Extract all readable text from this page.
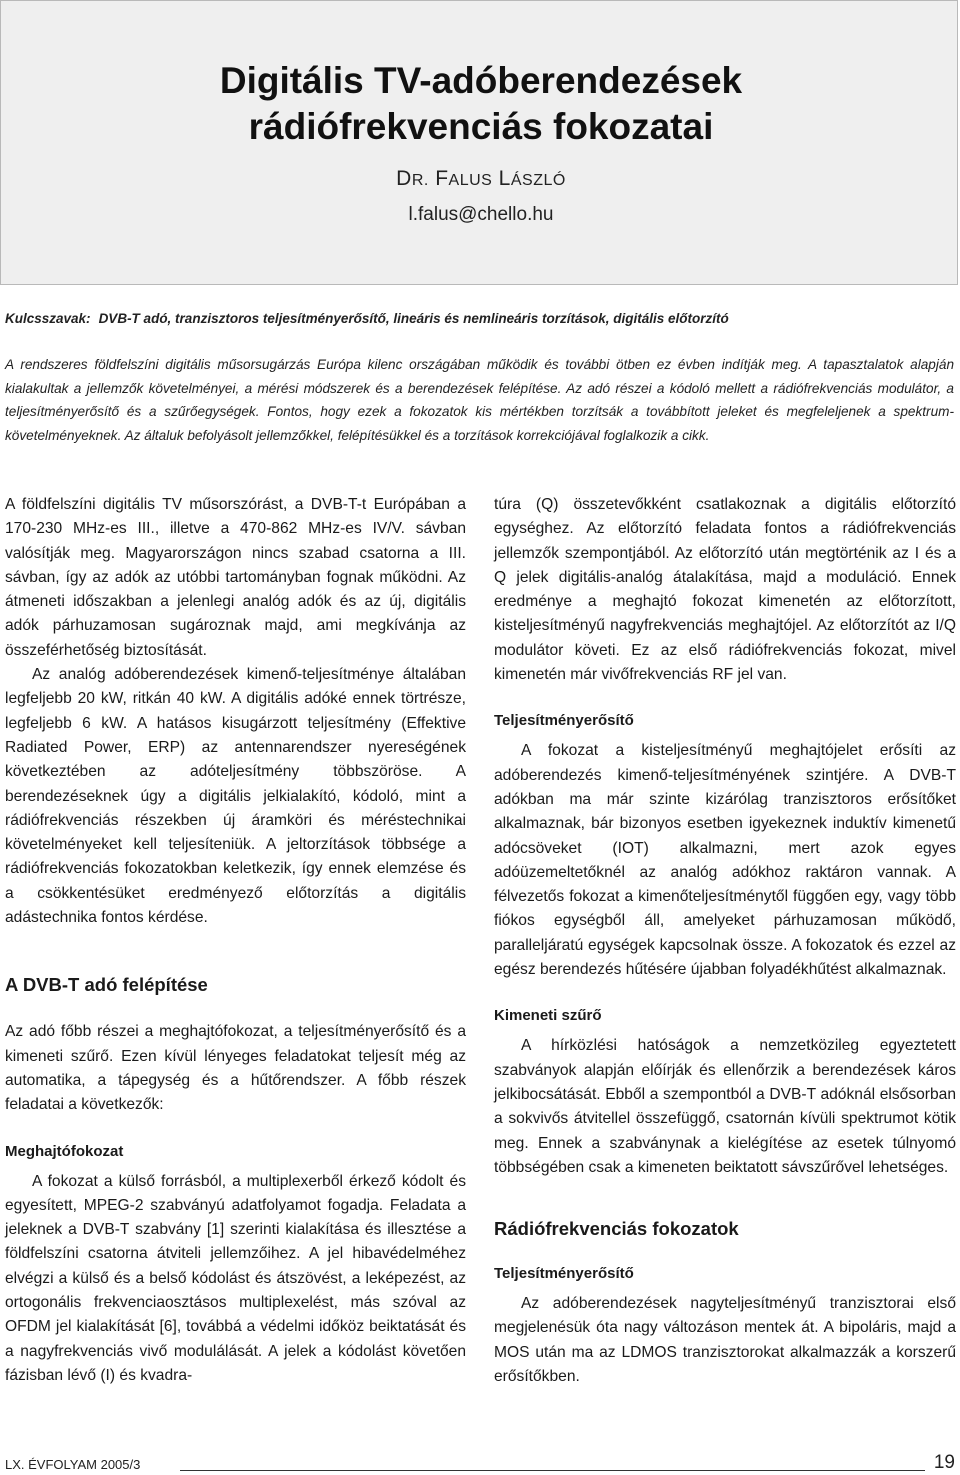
Digitális TV-adóberendezések
rádiófrekvenciás fokozatai
DR. FALUS LÁSZLÓ
l.falus@chello.hu
Kulcsszavak: DVB-T adó, tranzisztoros teljesítményerősítő, lineáris és nemlineáris torzítások, digitális előtorzító
A rendszeres földfelszíni digitális műsorsugárzás Európa kilenc országában működik és további ötben ez évben indítják meg. A tapasztalatok alapján kialakultak a jellemzők követelményei, a mérési módszerek és a berendezések felépítése. Az adó részei a kódoló mellett a rádiófrekvenciás modulátor, a teljesítményerősítő és a szűrőegységek. Fontos, hogy ezek a fokozatok kis mértékben torzítsák a továbbított jeleket és megfeleljenek a spektrum-követelményeknek. Az általuk befolyásolt jellemzőkkel, felépítésükkel és a torzítások korrekciójával foglalkozik a cikk.

A földfelszíni digitális TV műsorszórást, a DVB-T-t Európában a 170-230 MHz-es III., illetve a 470-862 MHz-es IV/V. sávban valósítják meg. Magyarországon nincs szabad csatorna a III. sávban, így az adók az utóbbi tartományban fognak működni. Az átmeneti időszakban a jelenlegi analóg adók és az új, digitális adók párhuzamosan sugároznak majd, ami megkívánja az összeférhetőség biztosítását.

Az analóg adóberendezések kimenő-teljesítménye általában legfeljebb 20 kW, ritkán 40 kW. A digitális adóké ennek törtrésze, legfeljebb 6 kW. A hatásos kisugárzott teljesítmény (Effektive Radiated Power, ERP) az antennarendszer nyereségének következtében az adóteljesítmény többszöröse. A berendezéseknek úgy a digitális jelkialakító, kódoló, mint a rádiófrekvenciás részekben új áramköri és méréstechnikai követelményeket kell teljesíteniük. A jeltorzítások többsége a rádiófrekvenciás fokozatokban keletkezik, így ennek elemzése és a csökkentésüket eredményező előtorzítás a digitális adástechnika fontos kérdése.

A DVB-T adó felépítése

Az adó főbb részei a meghajtófokozat, a teljesítményerősítő és a kimeneti szűrő. Ezen kívül lényeges feladatokat teljesít még az automatika, a tápegység és a hűtőrendszer. A főbb részek feladatai a következők:

Meghajtófokozat

A fokozat a külső forrásból, a multiplexerből érkező kódolt és egyesített, MPEG-2 szabványú adatfolyamot fogadja. Feladata a jeleknek a DVB-T szabvány [1] szerinti kialakítása és illesztése a földfelszíni csatorna átviteli jellemzőihez. A jel hibavédelméhez elvégzi a külső és a belső kódolást és átszövést, a leképezést, az ortogonális frekvenciaosztásos multiplexelést, más szóval az OFDM jel kialakítását [6], továbbá a védelmi időköz beiktatását és a nagyfrekvenciás vivő modulálását. A jelek a kódolást követően fázisban lévő (I) és kvadra-

túra (Q) összetevőkként csatlakoznak a digitális előtorzító egységhez. Az előtorzító feladata fontos a rádiófrekvenciás jellemzők szempontjából. Az előtorzító után megtörténik az I és a Q jelek digitális-analóg átalakítása, majd a moduláció. Ennek eredménye a meghajtó fokozat kimenetén az előtorzított, kisteljesítményű nagyfrekvenciás meghajtójel. Az előtorzítót az I/Q modulátor követi. Ez az első rádiófrekvenciás fokozat, mivel kimenetén már vivőfrekvenciás RF jel van.

Teljesítményerősítő

A fokozat a kisteljesítményű meghajtójelet erősíti az adóberendezés kimenő-teljesítményének szintjére. A DVB-T adókban ma már szinte kizárólag tranzisztoros erősítőket alkalmaznak, bár bizonyos esetben igyekeznek induktív kimenetű adócsöveket (IOT) alkalmazni, mert azok egyes adóüzemeltetőknél az analóg adókhoz raktáron vannak. A félvezetős fokozat a kimenőteljesítménytől függően egy, vagy több fiókos egységből áll, amelyeket párhuzamosan működő, paralleljáratú egységek kapcsolnak össze. A fokozatok és ezzel az egész berendezés hűtésére újabban folyadékhűtést alkalmaznak.

Kimeneti szűrő

A hírközlési hatóságok a nemzetközileg egyeztetett szabványok alapján előírják és ellenőrzik a berendezések káros jelkibocsátását. Ebből a szempontból a DVB-T adóknál elsősorban a sokvivős átvitellel összefüggő, csatornán kívüli spektrumot kötik meg. Ennek a szabványnak a kielégítése az esetek túlnyomó többségében csak a kimeneten beiktatott sávszűrővel lehetséges.

Rádiófrekvenciás fokozatok
Teljesítményerősítő

Az adóberendezések nagyteljesítményű tranzisztorai első megjelenésük óta nagy változáson mentek át. A bipoláris, majd a MOS után ma az LDMOS tranzisztorokat alkalmazzák a korszerű erősítőkben.

LX. ÉVFOLYAM 2005/3	19
